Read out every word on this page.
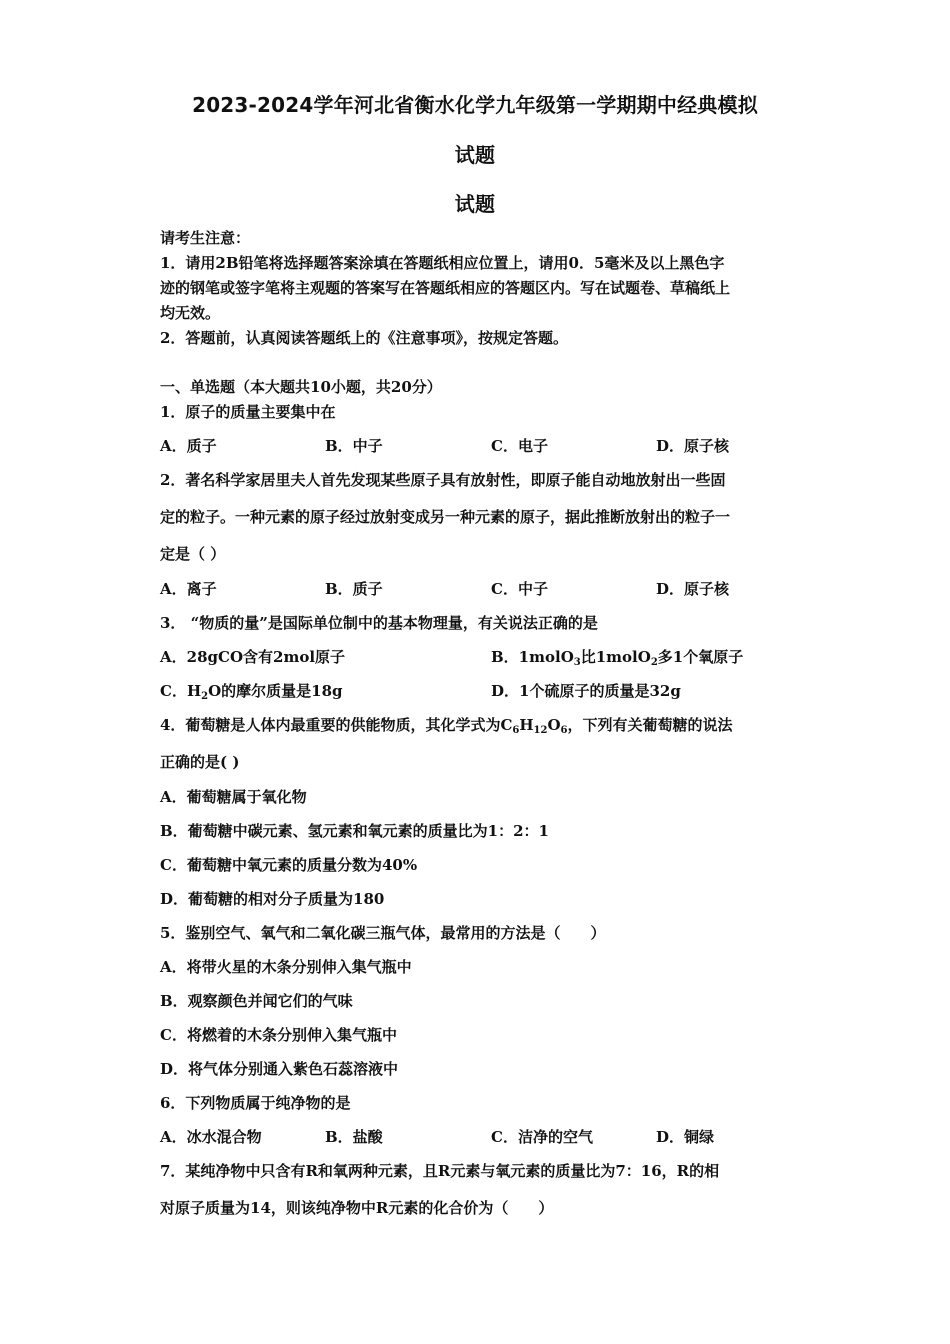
2023-2024学年河北省衡水化学九年级第一学期期中经典模拟
试题
试题
请考生注意：
1．请用2B铅笔将选择题答案涂填在答题纸相应位置上，请用0．5毫米及以上黑色字
迹的钢笔或签字笔将主观题的答案写在答题纸相应的答题区内。写在试题卷、草稿纸上
均无效。
2．答题前，认真阅读答题纸上的《注意事项》，按规定答题。
一、单选题（本大题共10小题，共20分）
1．原子的质量主要集中在
A．质子	B．中子	C．电子	D．原子核
2．著名科学家居里夫人首先发现某些原子具有放射性，即原子能自动地放射出一些固
定的粒子。一种元素的原子经过放射变成另一种元素的原子，据此推断放射出的粒子一
定是（ ）
A．离子	B．质子	C．中子	D．原子核
3． “物质的量”是国际单位制中的基本物理量，有关说法正确的是
A．28gCO含有2mol原子	B．1molO$_3$比1molO$_2$多1个氧原子
C．$H_2O$的摩尔质量是18g	D．1个硫原子的质量是32g
4．葡萄糖是人体内最重要的供能物质，其化学式为$C_6H_{12}O_6$，下列有关葡萄糖的说法
正确的是( )
A．葡萄糖属于氧化物
B．葡萄糖中碳元素、氢元素和氧元素的质量比为1：2：1
C．葡萄糖中氧元素的质量分数为40%
D．葡萄糖的相对分子质量为180
5．鉴别空气、氧气和二氧化碳三瓶气体，最常用的方法是（　　）
A．将带火星的木条分别伸入集气瓶中
B．观察颜色并闻它们的气味
C．将燃着的木条分别伸入集气瓶中
D．将气体分别通入紫色石蕊溶液中
6．下列物质属于纯净物的是
A．冰水混合物	B．盐酸	C．洁净的空气	D．铜绿
7．某纯净物中只含有R和氧两种元素，且R元素与氧元素的质量比为7：16，R的相
对原子质量为14，则该纯净物中R元素的化合价为（　　）
